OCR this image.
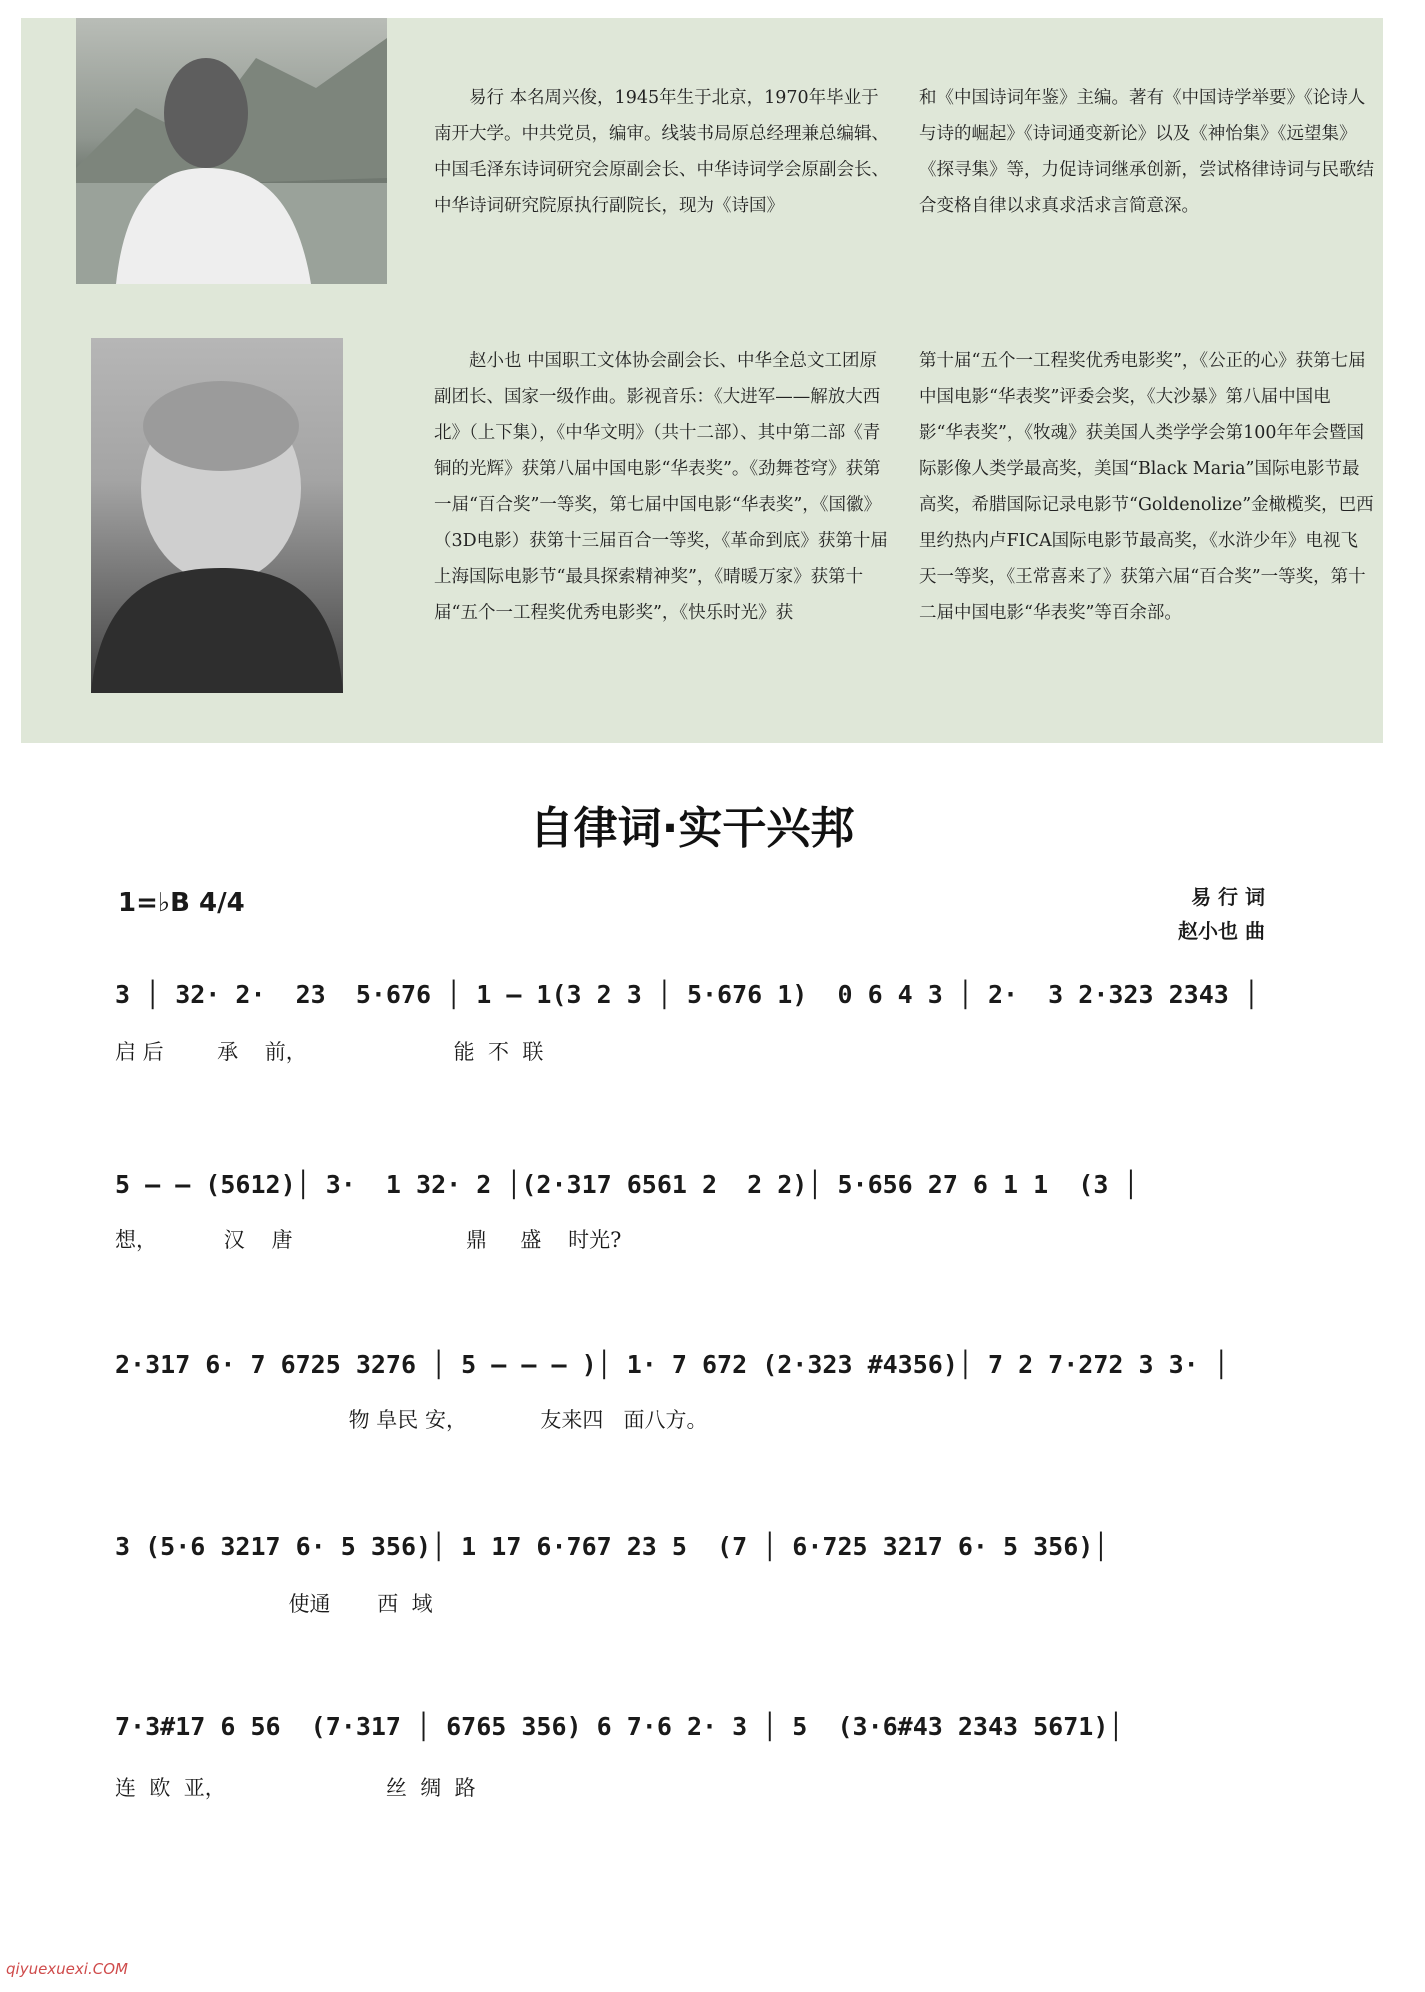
易行 本名周兴俊，1945年生于北京，1970年毕业于南开大学。中共党员，编审。线装书局原总经理兼总编辑、中国毛泽东诗词研究会原副会长、中华诗词学会原副会长、中华诗词研究院原执行副院长，现为《诗国》

和《中国诗词年鉴》主编。著有《中国诗学举要》《论诗人与诗的崛起》《诗词通变新论》以及《神怡集》《远望集》《探寻集》等，力促诗词继承创新，尝试格律诗词与民歌结合变格自律以求真求活求言简意深。

赵小也 中国职工文体协会副会长、中华全总文工团原副团长、国家一级作曲。影视音乐：《大进军——解放大西北》（上下集），《中华文明》（共十二部）、其中第二部《青铜的光辉》获第八届中国电影“华表奖”。《劲舞苍穹》获第一届“百合奖”一等奖，第七届中国电影“华表奖”，《国徽》（3D电影）获第十三届百合一等奖，《革命到底》获第十届上海国际电影节“最具探索精神奖”，《晴暖万家》获第十届“五个一工程奖优秀电影奖”，《快乐时光》获

第十届“五个一工程奖优秀电影奖”，《公正的心》获第七届中国电影“华表奖”评委会奖，《大沙暴》第八届中国电影“华表奖”，《牧魂》获美国人类学学会第100年年会暨国际影像人类学最高奖，美国“Black Maria”国际电影节最高奖，希腊国际记录电影节“Goldenolize”金橄榄奖，巴西里约热内卢FICA国际电影节最高奖，《水浒少年》电视飞天一等奖，《王常喜来了》获第六届“百合奖”一等奖，第十二届中国电影“华表奖”等百余部。

自律词·实干兴邦
1=♭B 4/4	易 行 词
赵小也 曲
3 │ 32· 2·  23  5·676 │ 1 – 1(3 2 3 │ 5·676 1)  0 6 4 3 │ 2·  3 2·323 2343 │
启 后        承    前，                      能  不  联
5 – – (5612)│ 3·  1 32· 2 │(2·317 6561 2  2 2)│ 5·656 27 6 1 1  (3 │
想，          汉    唐                          鼎     盛    时光?
2·317 6· 7 6725 3276 │ 5 – – – )│ 1· 7 672 (2·323 #4356)│ 7 2 7·272 3 3· │
物 阜民 安，           友来四   面八方。
3 (5·6 3217 6· 5 356)│ 1 17 6·767 23 5  (7 │ 6·725 3217 6· 5 356)│
使通       西  域
7·3#17 6 56  (7·317 │ 6765 356) 6 7·6 2· 3 │ 5  (3·6#43 2343 5671)│
连  欧  亚，                        丝  绸  路
qiyuexuexi.COM
